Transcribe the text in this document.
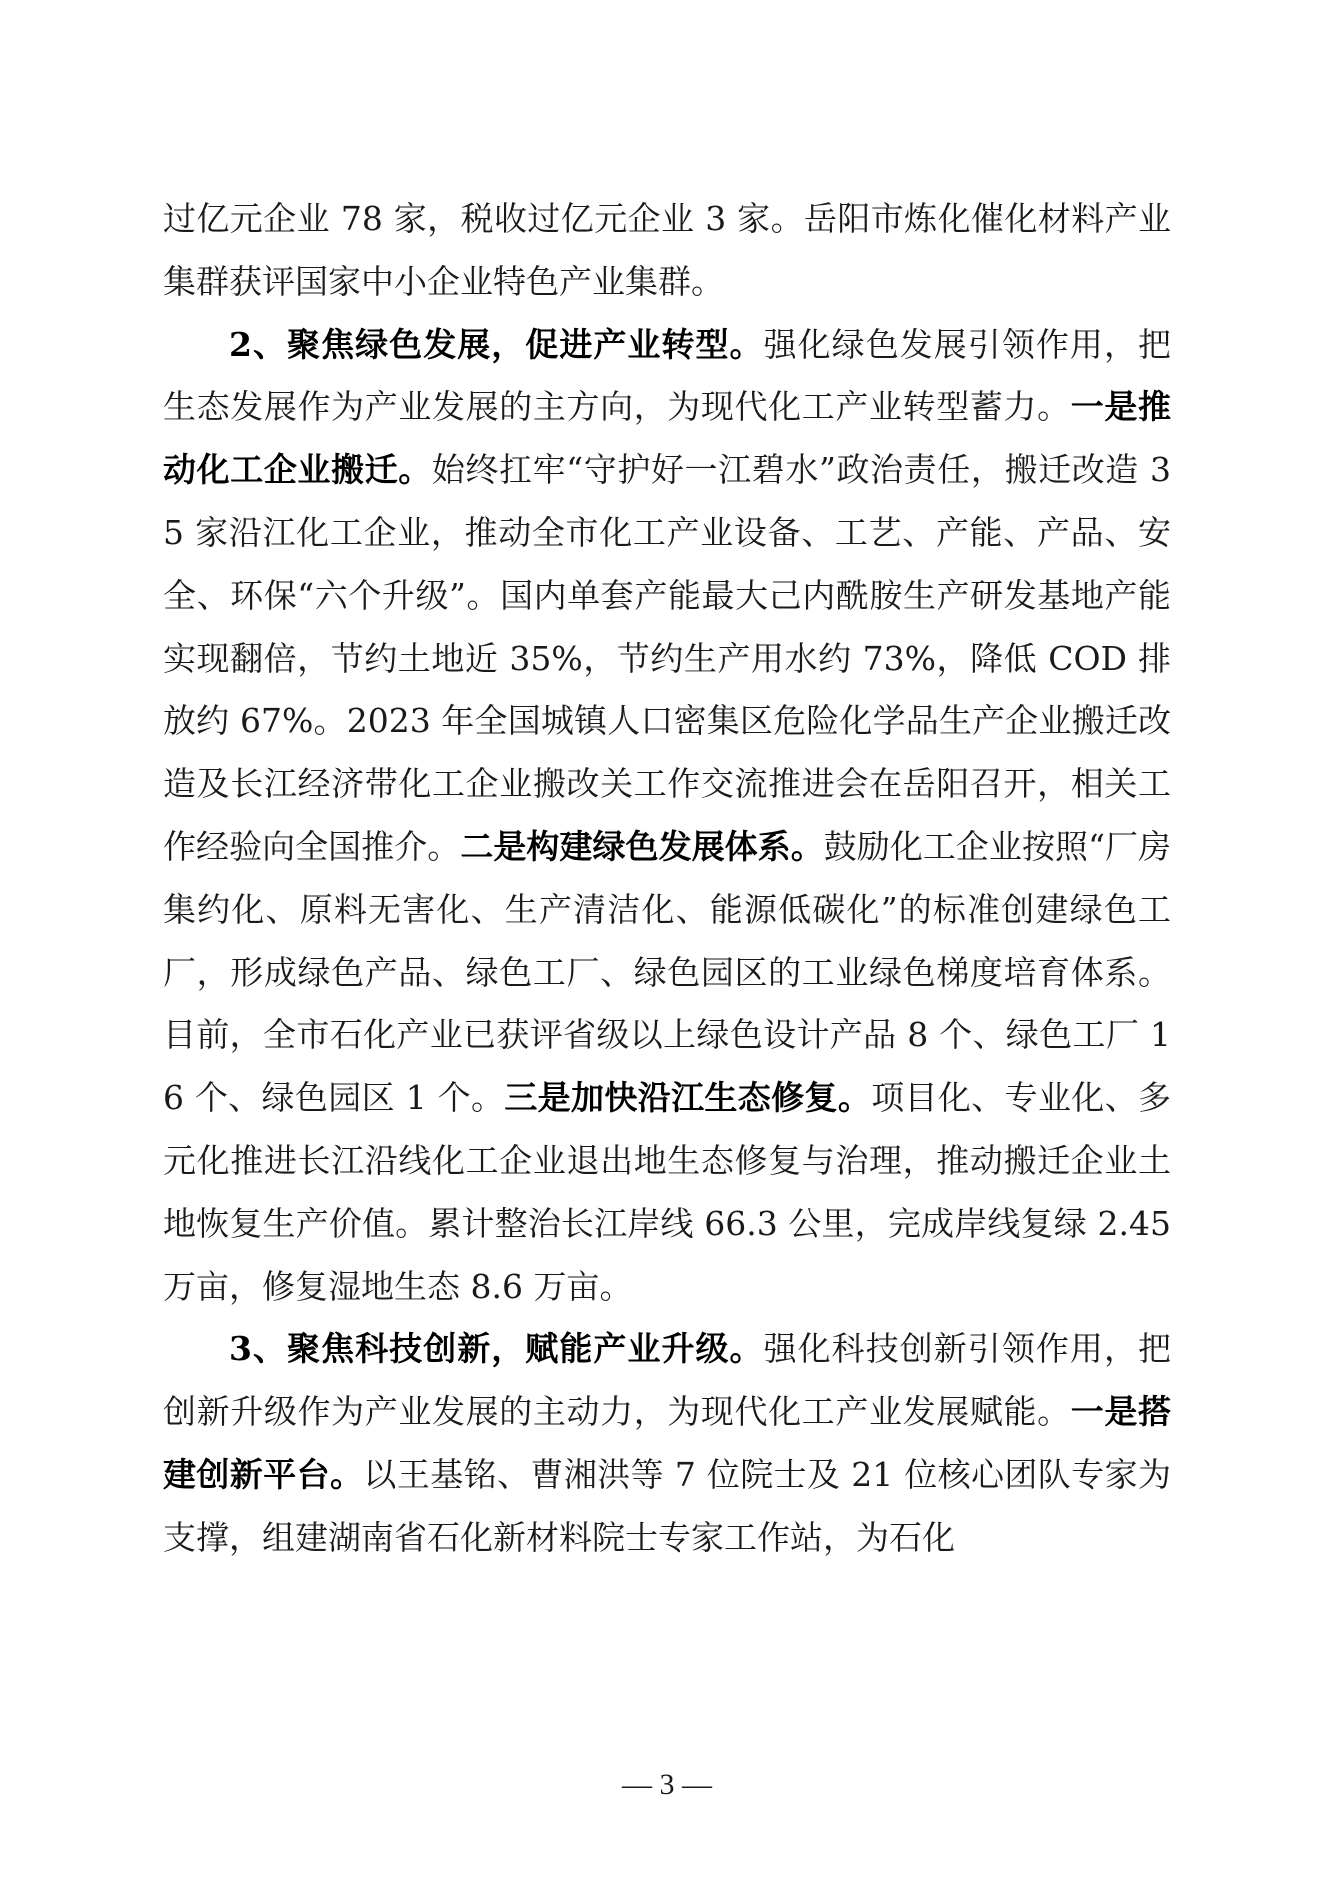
过亿元企业 78 家，税收过亿元企业 3 家。岳阳市炼化催化材料产业集群获评国家中小企业特色产业集群。

2、聚焦绿色发展，促进产业转型。强化绿色发展引领作用，把生态发展作为产业发展的主方向，为现代化工产业转型蓄力。一是推动化工企业搬迁。始终扛牢“守护好一江碧水”政治责任，搬迁改造 35 家沿江化工企业，推动全市化工产业设备、工艺、产能、产品、安全、环保“六个升级”。国内单套产能最大己内酰胺生产研发基地产能实现翻倍，节约土地近 35%，节约生产用水约 73%，降低 COD 排放约 67%。2023 年全国城镇人口密集区危险化学品生产企业搬迁改造及长江经济带化工企业搬改关工作交流推进会在岳阳召开，相关工作经验向全国推介。二是构建绿色发展体系。鼓励化工企业按照“厂房集约化、原料无害化、生产清洁化、能源低碳化”的标准创建绿色工厂，形成绿色产品、绿色工厂、绿色园区的工业绿色梯度培育体系。目前，全市石化产业已获评省级以上绿色设计产品 8 个、绿色工厂 16 个、绿色园区 1 个。三是加快沿江生态修复。项目化、专业化、多元化推进长江沿线化工企业退出地生态修复与治理，推动搬迁企业土地恢复生产价值。累计整治长江岸线 66.3 公里，完成岸线复绿 2.45 万亩，修复湿地生态 8.6 万亩。

3、聚焦科技创新，赋能产业升级。强化科技创新引领作用，把创新升级作为产业发展的主动力，为现代化工产业发展赋能。一是搭建创新平台。以王基铭、曹湘洪等 7 位院士及 21 位核心团队专家为支撑，组建湖南省石化新材料院士专家工作站，为石化

— 3 —
